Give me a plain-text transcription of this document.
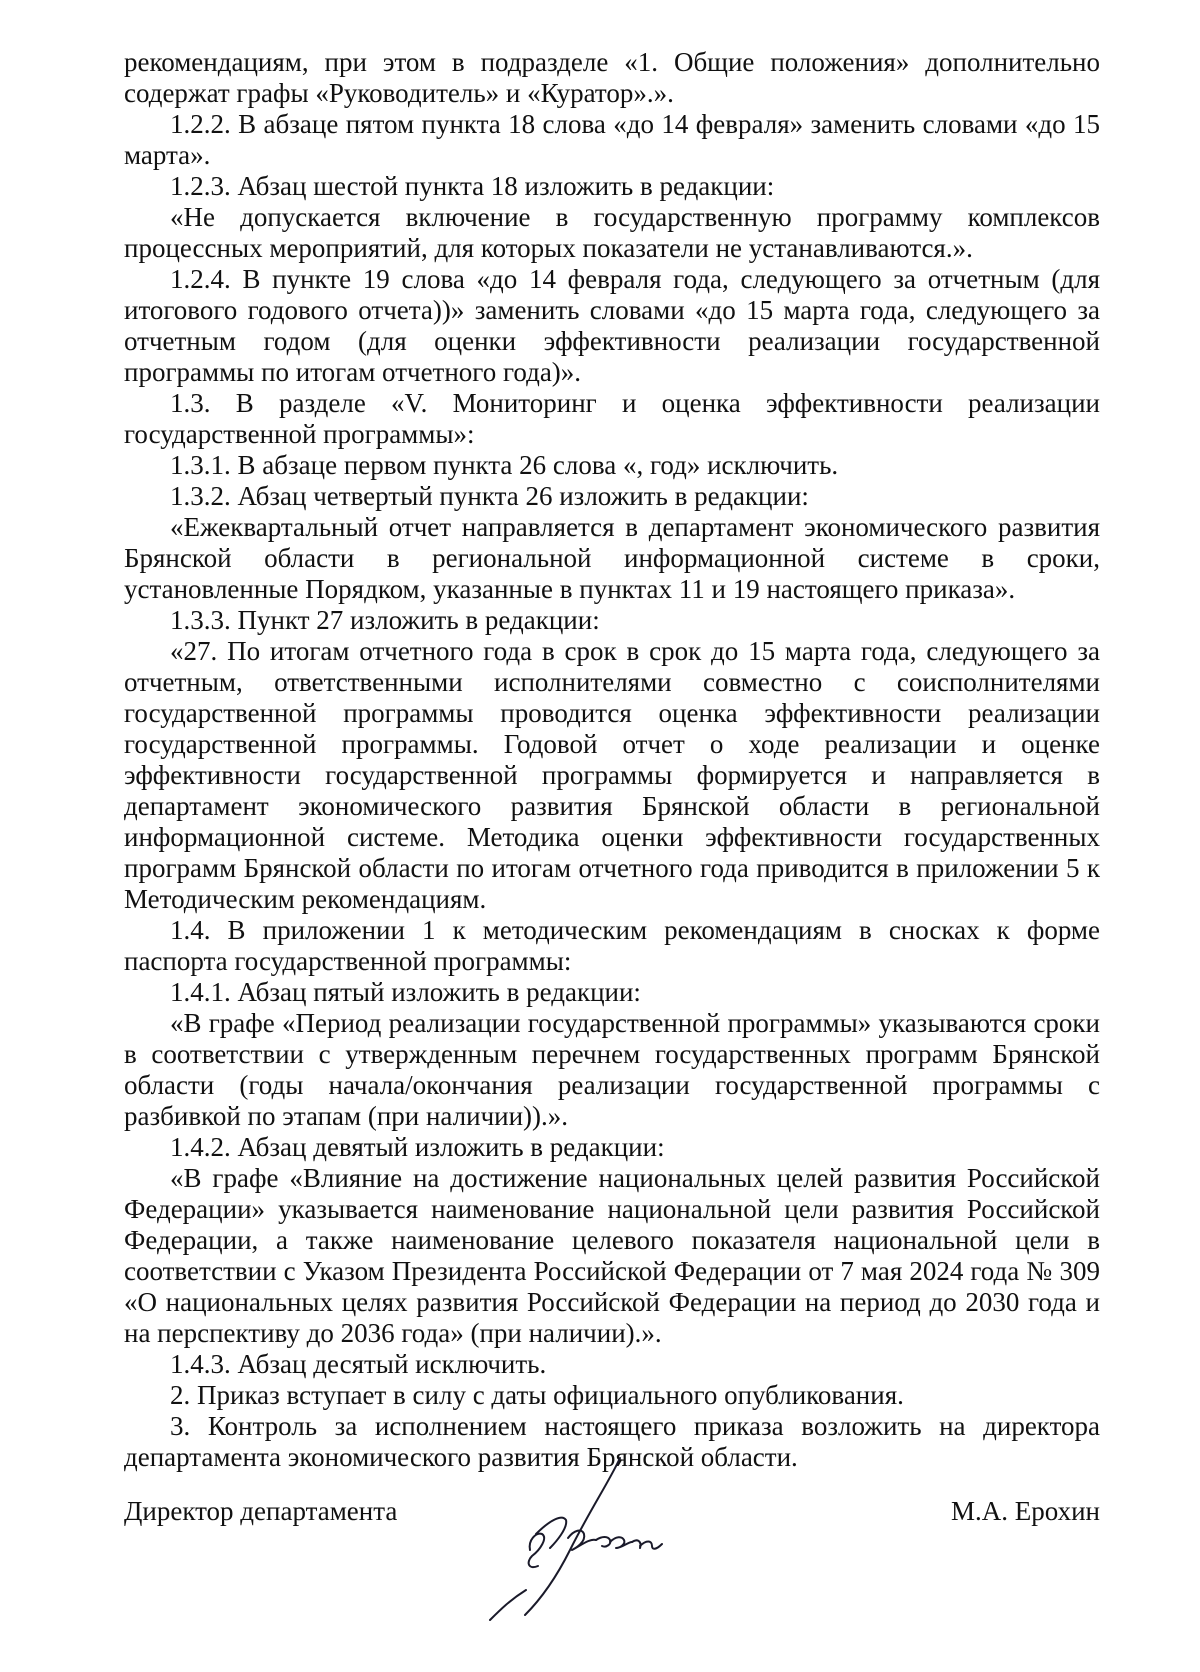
рекомендациям, при этом в подразделе «1. Общие положения» дополнительно содержат графы «Руководитель» и «Куратор».».

1.2.2. В абзаце пятом пункта 18 слова «до 14 февраля» заменить словами «до 15 марта».

1.2.3. Абзац шестой пункта 18 изложить в редакции:

«Не допускается включение в государственную программу комплексов процессных мероприятий, для которых показатели не устанавливаются.».

1.2.4. В пункте 19 слова «до 14 февраля года, следующего за отчетным (для итогового годового отчета))» заменить словами «до 15 марта года, следующего за отчетным годом (для оценки эффективности реализации государственной программы по итогам отчетного года)».

1.3. В разделе «V. Мониторинг и оценка эффективности реализации государственной программы»:

1.3.1. В абзаце первом пункта 26 слова «, год» исключить.

1.3.2. Абзац четвертый пункта 26 изложить в редакции:

«Ежеквартальный отчет направляется в департамент экономического развития Брянской области в региональной информационной системе в сроки, установленные Порядком, указанные в пунктах 11 и 19 настоящего приказа».

1.3.3. Пункт 27 изложить в редакции:

«27. По итогам отчетного года в срок в срок до 15 марта года, следующего за отчетным, ответственными исполнителями совместно с соисполнителями государственной программы проводится оценка эффективности реализации государственной программы. Годовой отчет о ходе реализации и оценке эффективности государственной программы формируется и направляется в департамент экономического развития Брянской области в региональной информационной системе. Методика оценки эффективности государственных программ Брянской области по итогам отчетного года приводится в приложении 5 к Методическим рекомендациям.

1.4. В приложении 1 к методическим рекомендациям в сносках к форме паспорта государственной программы:

1.4.1. Абзац пятый изложить в редакции:

«В графе «Период реализации государственной программы» указываются сроки в соответствии с утвержденным перечнем государственных программ Брянской области (годы начала/окончания реализации государственной программы с разбивкой по этапам (при наличии)).».

1.4.2. Абзац девятый изложить в редакции:

«В графе «Влияние на достижение национальных целей развития Российской Федерации» указывается наименование национальной цели развития Российской Федерации, а также наименование целевого показателя национальной цели в соответствии с Указом Президента Российской Федерации от 7 мая 2024 года № 309 «О национальных целях развития Российской Федерации на период до 2030 года и на перспективу до 2036 года» (при наличии).».

1.4.3. Абзац десятый исключить.

2. Приказ вступает в силу с даты официального опубликования.

3. Контроль за исполнением настоящего приказа возложить на директора департамента экономического развития Брянской области.

Директор департамента	М.А. Ерохин
